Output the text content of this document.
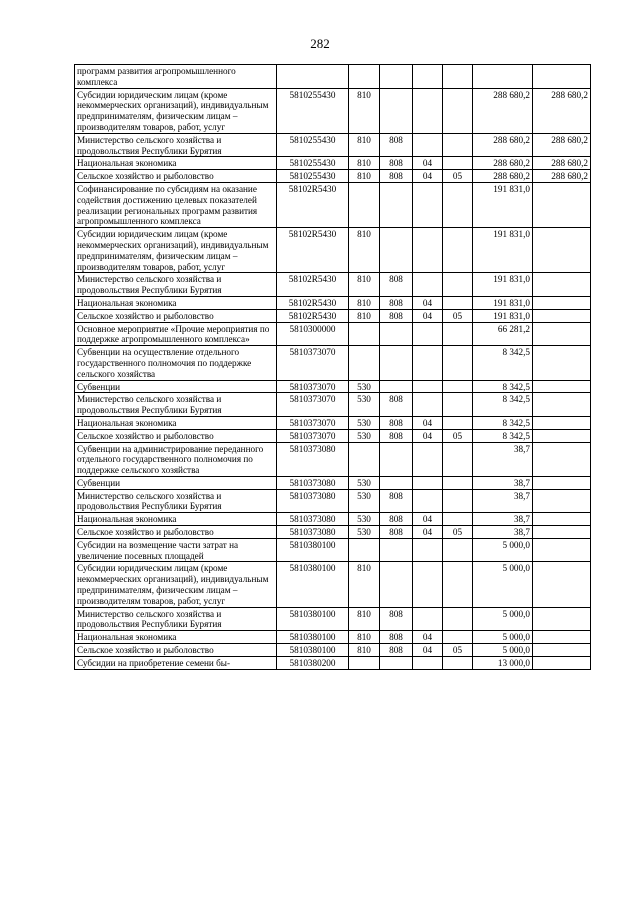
282
программ развития агропромышленного комплекса							
Субсидии юридическим лицам (кроме некоммерческих организаций), индивидуальным предпринимателям, физическим лицам – производителям товаров, работ, услуг	5810255430	810				288 680,2	288 680,2
Министерство сельского хозяйства и продовольствия Республики Бурятия	5810255430	810	808			288 680,2	288 680,2
Национальная экономика	5810255430	810	808	04		288 680,2	288 680,2
Сельское хозяйство и рыболовство	5810255430	810	808	04	05	288 680,2	288 680,2
Софинансирование по субсидиям на оказание содействия достижению целевых показателей реализации региональных программ развития агропромышленного комплекса	58102R5430					191 831,0	
Субсидии юридическим лицам (кроме некоммерческих организаций), индивидуальным предпринимателям, физическим лицам – производителям товаров, работ, услуг	58102R5430	810				191 831,0	
Министерство сельского хозяйства и продовольствия Республики Бурятия	58102R5430	810	808			191 831,0	
Национальная экономика	58102R5430	810	808	04		191 831,0	
Сельское хозяйство и рыболовство	58102R5430	810	808	04	05	191 831,0	
Основное мероприятие «Прочие мероприятия по поддержке агропромышленного комплекса»	5810300000					66 281,2	
Субвенции на осуществление отдельного государственного полномочия по поддержке сельского хозяйства	5810373070					8 342,5	
Субвенции	5810373070	530				8 342,5	
Министерство сельского хозяйства и продовольствия Республики Бурятия	5810373070	530	808			8 342,5	
Национальная экономика	5810373070	530	808	04		8 342,5	
Сельское хозяйство и рыболовство	5810373070	530	808	04	05	8 342,5	
Субвенции на администрирование переданного отдельного государственного полномочия по поддержке сельского хозяйства	5810373080					38,7	
Субвенции	5810373080	530				38,7	
Министерство сельского хозяйства и продовольствия Республики Бурятия	5810373080	530	808			38,7	
Национальная экономика	5810373080	530	808	04		38,7	
Сельское хозяйство и рыболовство	5810373080	530	808	04	05	38,7	
Субсидии на возмещение части затрат на увеличение посевных площадей	5810380100					5 000,0	
Субсидии юридическим лицам (кроме некоммерческих организаций), индивидуальным предпринимателям, физическим лицам – производителям товаров, работ, услуг	5810380100	810				5 000,0	
Министерство сельского хозяйства и продовольствия Республики Бурятия	5810380100	810	808			5 000,0	
Национальная экономика	5810380100	810	808	04		5 000,0	
Сельское хозяйство и рыболовство	5810380100	810	808	04	05	5 000,0	
Субсидии на приобретение семени бы-	5810380200					13 000,0	
